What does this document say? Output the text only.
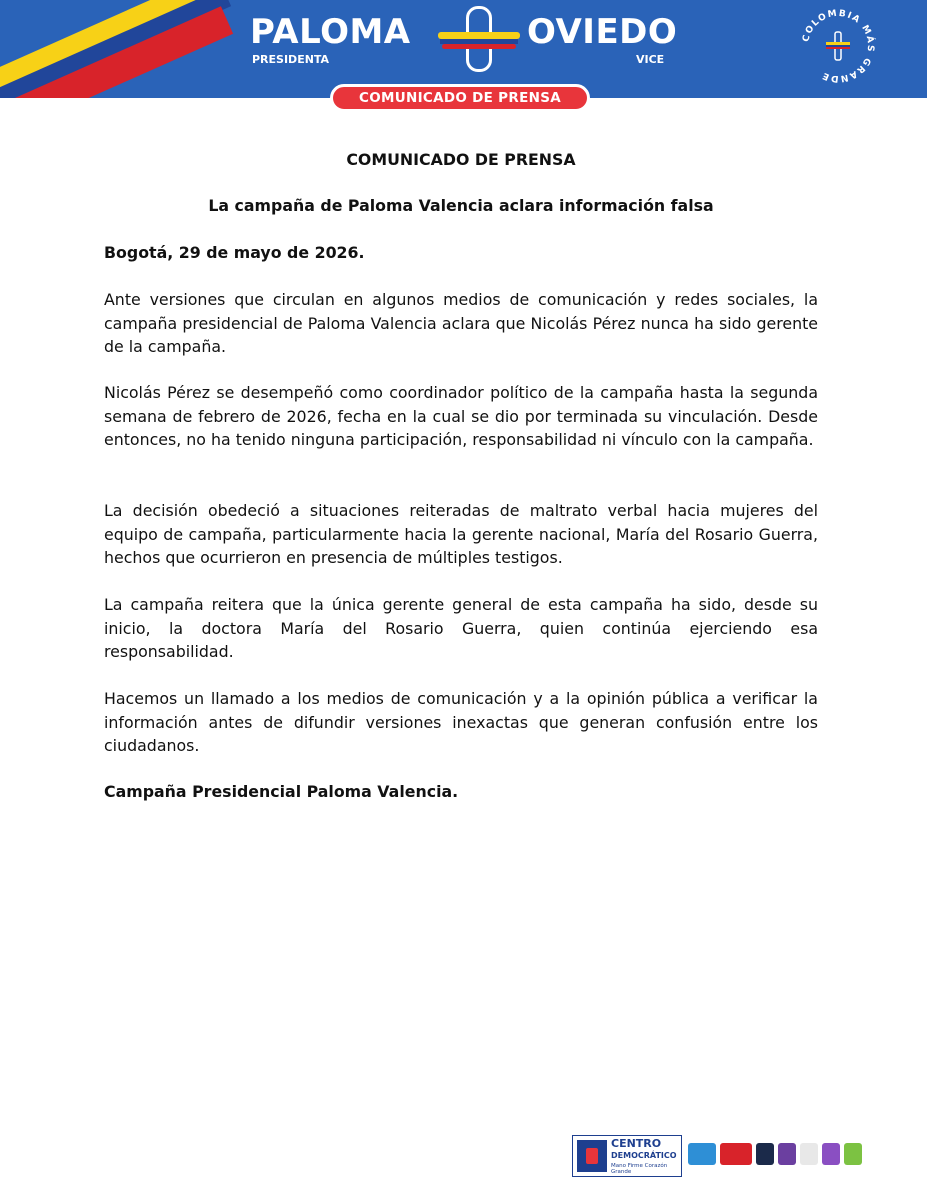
PALOMA
PRESIDENTA
OVIEDO
VICE
COLOMBIA MÁS GRANDE
COMUNICADO DE PRENSA

COMUNICADO DE PRENSA

La campaña de Paloma Valencia aclara información falsa

Bogotá, 29 de mayo de 2026.

Ante versiones que circulan en algunos medios de comunicación y redes sociales, la campaña presidencial de Paloma Valencia aclara que Nicolás Pérez nunca ha sido gerente de la campaña.

Nicolás Pérez se desempeñó como coordinador político de la campaña hasta la segunda semana de febrero de 2026, fecha en la cual se dio por terminada su vinculación. Desde entonces, no ha tenido ninguna participación, responsabilidad ni vínculo con la campaña.

La decisión obedeció a situaciones reiteradas de maltrato verbal hacia mujeres del equipo de campaña, particularmente hacia la gerente nacional, María del Rosario Guerra, hechos que ocurrieron en presencia de múltiples testigos.

La campaña reitera que la única gerente general de esta campaña ha sido, desde su inicio, la doctora María del Rosario Guerra, quien continúa ejerciendo esa responsabilidad.

Hacemos un llamado a los medios de comunicación y a la opinión pública a verificar la información antes de difundir versiones inexactas que generan confusión entre los ciudadanos.

Campaña Presidencial Paloma Valencia.

CENTRO
DEMOCRÁTICO
Mano Firme Corazón Grande
